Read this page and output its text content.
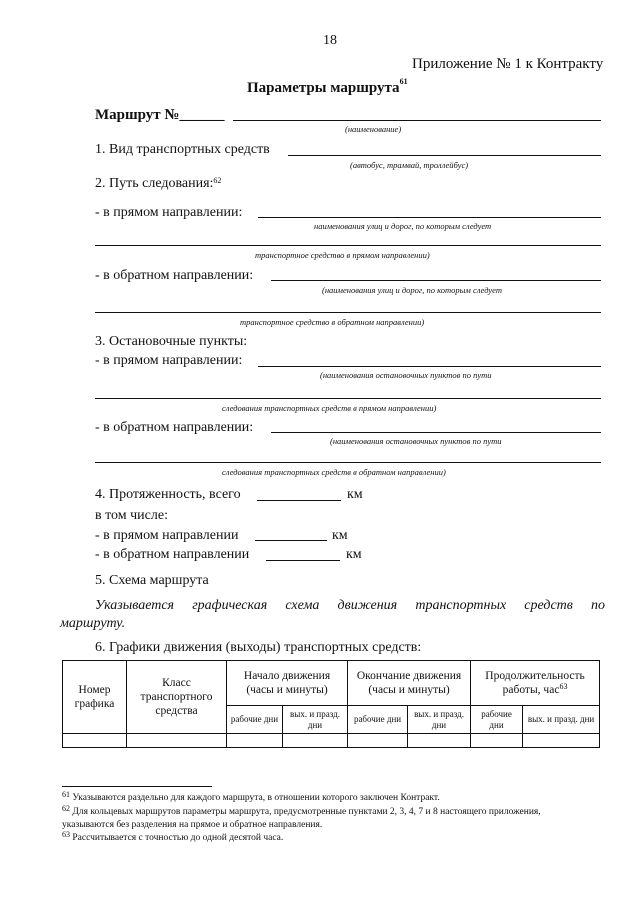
18
Приложение № 1 к Контракту
Параметры маршрута$^{61}$
Маршрут №______
(наименование)
1. Вид транспортных средств
(автобус, трамвай, троллейбус)
2. Путь следования:$^{62}$
- в прямом направлении:
наименования улиц и дорог, по которым следует
транспортное средство в прямом направлении)
- в обратном направлении:
(наименования улиц и дорог, по которым следует
транспортное средство в обратном направлении)
3. Остановочные пункты:
- в прямом направлении:
(наименования остановочных пунктов по пути
следования транспортных средств в прямом направлении)
- в обратном направлении:
(наименования остановочных пунктов по пути
следования транспортных средств в обратном направлении)
4. Протяженность, всего	км
в том числе:
- в прямом направлении	км
- в обратном направлении	км
5. Схема маршрута
Указывается графическая схема движения транспортных средств по
маршруту.
6. Графики движения (выходы) транспортных средств:
Номер графика	Класс транспортного средства	Начало движения (часы и минуты)		Окончание движения (часы и минуты)		Продолжительность работы, час$^{63}$
		рабочие дни	вых. и празд. дни	рабочие дни	вых. и празд. дни	рабочие дни	вых. и празд. дни

$^{61}$ Указываются раздельно для каждого маршрута, в отношении которого заключен Контракт.
$^{62}$ Для кольцевых маршрутов параметры маршрута, предусмотренные пунктами 2, 3, 4, 7 и 8 настоящего приложения,
указываются без разделения на прямое и обратное направления.
$^{63}$ Рассчитывается с точностью до одной десятой часа.
